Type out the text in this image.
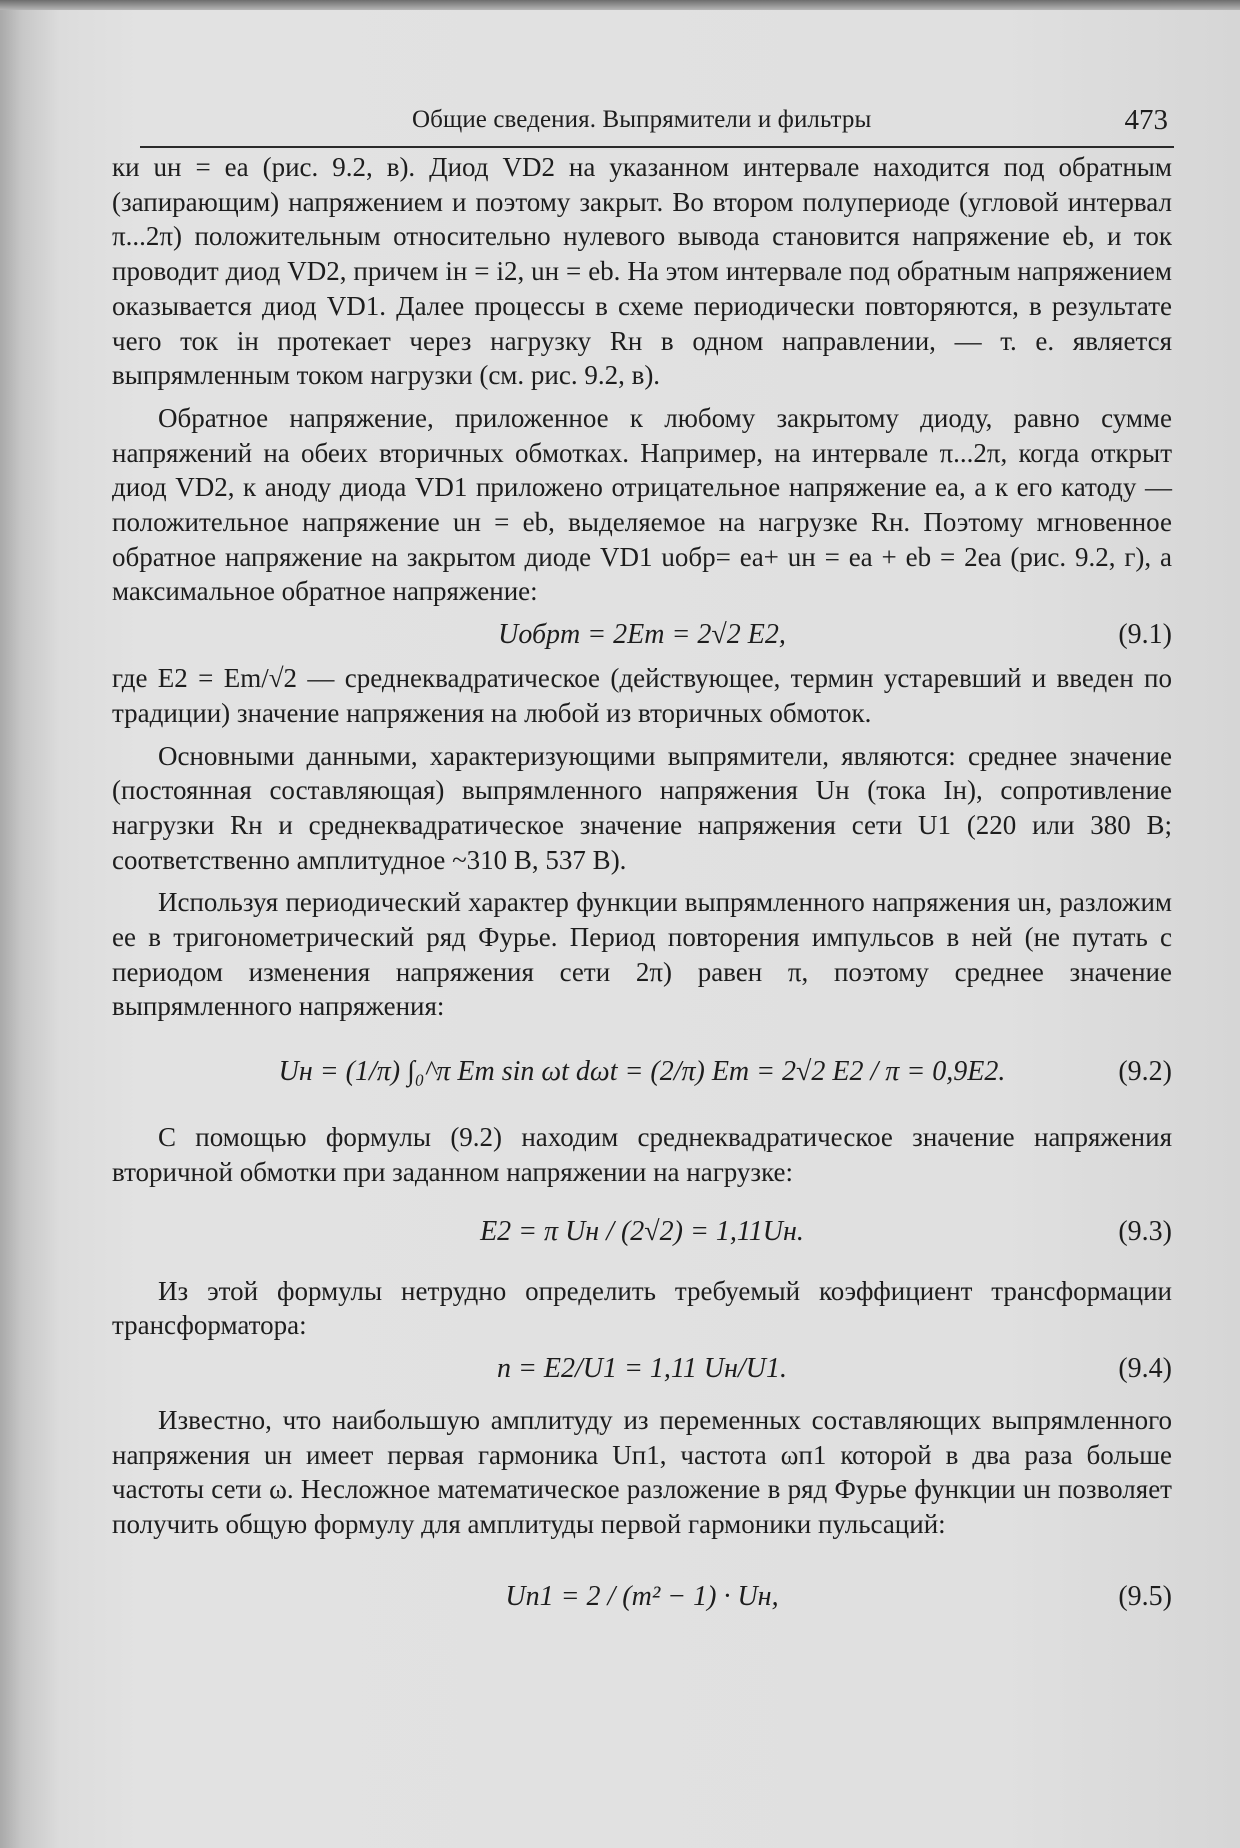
Общие сведения. Выпрямители и фильтры	473

ки uн = ea (рис. 9.2, в). Диод VD2 на указанном интервале находится под обратным (запирающим) напряжением и поэтому закрыт. Во втором полупериоде (угловой интервал π...2π) положительным относительно нулевого вывода становится напряжение eb, и ток проводит диод VD2, причем iн = i2, uн = eb. На этом интервале под обратным напряжением оказывается диод VD1. Далее процессы в схеме периодически повторяются, в результате чего ток iн протекает через нагрузку Rн в одном направлении, — т. е. является выпрямленным током нагрузки (см. рис. 9.2, в).

Обратное напряжение, приложенное к любому закрытому диоду, равно сумме напряжений на обеих вторичных обмотках. Например, на интервале π...2π, когда открыт диод VD2, к аноду диода VD1 приложено отрицательное напряжение ea, а к его катоду — положительное напряжение uн = eb, выделяемое на нагрузке Rн. Поэтому мгновенное обратное напряжение на закрытом диоде VD1 uобр= ea+ uн = ea + eb = 2ea (рис. 9.2, г), а максимальное обратное напряжение:

Uобрm = 2Em = 2√2 E2,	(9.1)

где E2 = Em/√2 — среднеквадратическое (действующее, термин устаревший и введен по традиции) значение напряжения на любой из вторичных обмоток.

Основными данными, характеризующими выпрямители, являются: среднее значение (постоянная составляющая) выпрямленного напряжения Uн (тока Iн), сопротивление нагрузки Rн и среднеквадратическое значение напряжения сети U1 (220 или 380 В; соответственно амплитудное ~310 В, 537 В).

Используя периодический характер функции выпрямленного напряжения uн, разложим ее в тригонометрический ряд Фурье. Период повторения импульсов в ней (не путать с периодом изменения напряжения сети 2π) равен π, поэтому среднее значение выпрямленного напряжения:

Uн = (1/π) ∫₀^π Em sin ωt dωt = (2/π) Em = 2√2 E2 / π = 0,9E2.	(9.2)

С помощью формулы (9.2) находим среднеквадратическое значение напряжения вторичной обмотки при заданном напряжении на нагрузке:

E2 = π Uн / (2√2) = 1,11Uн.	(9.3)

Из этой формулы нетрудно определить требуемый коэффициент трансформации трансформатора:

n = E2/U1 = 1,11 Uн/U1.	(9.4)

Известно, что наибольшую амплитуду из переменных составляющих выпрямленного напряжения uн имеет первая гармоника Uп1, частота ωп1 которой в два раза больше частоты сети ω. Несложное математическое разложение в ряд Фурье функции uн позволяет получить общую формулу для амплитуды первой гармоники пульсаций:

Uп1 = 2 / (m² − 1) · Uн,	(9.5)
